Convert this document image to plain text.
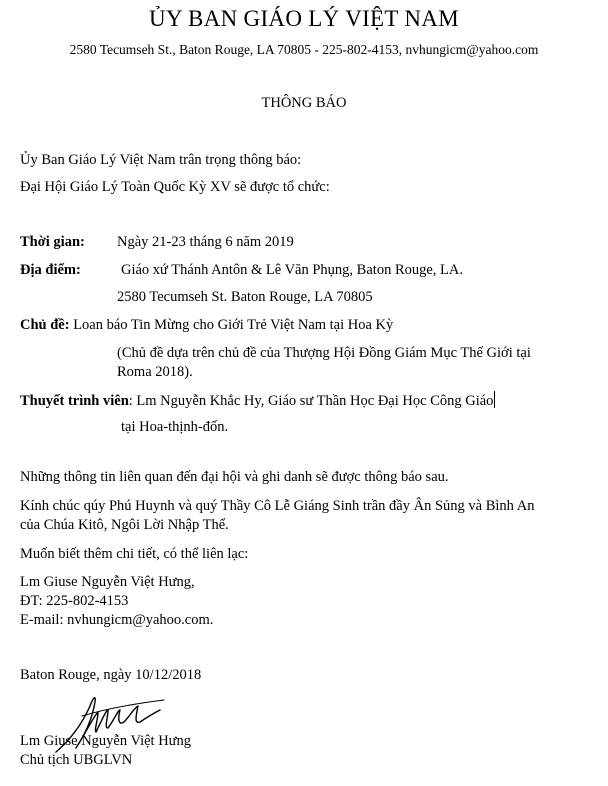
ỦY BAN GIÁO LÝ VIỆT NAM
2580 Tecumseh St., Baton Rouge, LA 70805 - 225-802-4153, nvhungicm@yahoo.com
THÔNG BÁO
Ủy Ban Giáo Lý Việt Nam trân trọng thông báo:
Đại Hội Giáo Lý Toàn Quốc Kỳ XV sẽ được tổ chức:
Thời gian: Ngày 21-23 tháng 6 năm 2019
Địa điểm:	Giáo xứ Thánh Antôn & Lê Văn Phụng, Baton Rouge, LA.
2580 Tecumseh St. Baton Rouge, LA 70805
Chủ đề: Loan báo Tin Mừng cho Giới Trẻ Việt Nam tại Hoa Kỳ
(Chủ đề dựa trên chủ đề của Thượng Hội Đồng Giám Mục Thế Giới tại
Roma 2018).
Thuyết trình viên: Lm Nguyễn Khắc Hy, Giáo sư Thần Học Đại Học Công Giáo
tại Hoa-thịnh-đốn.
Những thông tin liên quan đến đại hội và ghi danh sẽ được thông báo sau.
Kính chúc qúy Phú Huynh và quý Thầy Cô Lễ Giáng Sinh trần đầy Ân Sủng và Bình An
của Chúa Kitô, Ngôi Lời Nhập Thể.
Muốn biết thêm chi tiết, có thể liên lạc:
Lm Giuse Nguyễn Việt Hưng,
ĐT: 225-802-4153
E-mail: nvhungicm@yahoo.com.
Baton Rouge, ngày 10/12/2018
Lm Giuse Nguyễn Việt Hưng
Chủ tịch UBGLVN
